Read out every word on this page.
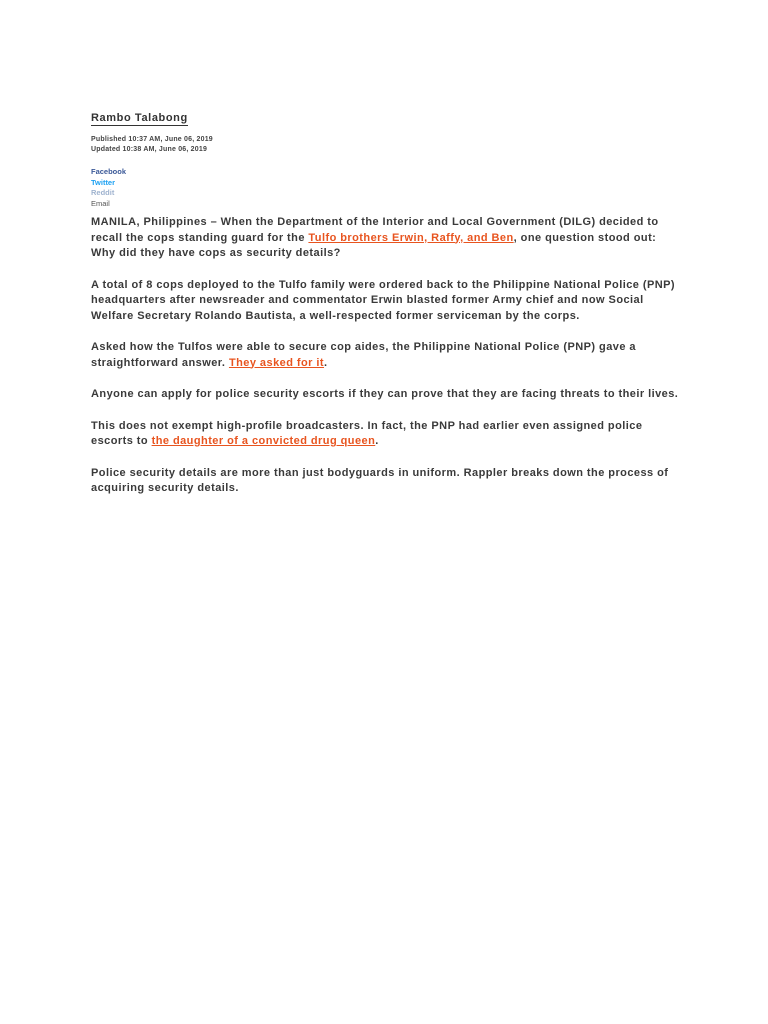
Rambo Talabong
Published 10:37 AM, June 06, 2019
Updated 10:38 AM, June 06, 2019
Facebook
Twitter
Reddit
Email

MANILA, Philippines – When the Department of the Interior and Local Government (DILG) decided to recall the cops standing guard for the Tulfo brothers Erwin, Raffy, and Ben, one question stood out: Why did they have cops as security details?

A total of 8 cops deployed to the Tulfo family were ordered back to the Philippine National Police (PNP) headquarters after newsreader and commentator Erwin blasted former Army chief and now Social Welfare Secretary Rolando Bautista, a well-respected former serviceman by the corps.

Asked how the Tulfos were able to secure cop aides, the Philippine National Police (PNP) gave a straightforward answer. They asked for it.

Anyone can apply for police security escorts if they can prove that they are facing threats to their lives.

This does not exempt high-profile broadcasters. In fact, the PNP had earlier even assigned police escorts to the daughter of a convicted drug queen.

Police security details are more than just bodyguards in uniform. Rappler breaks down the process of acquiring security details.
